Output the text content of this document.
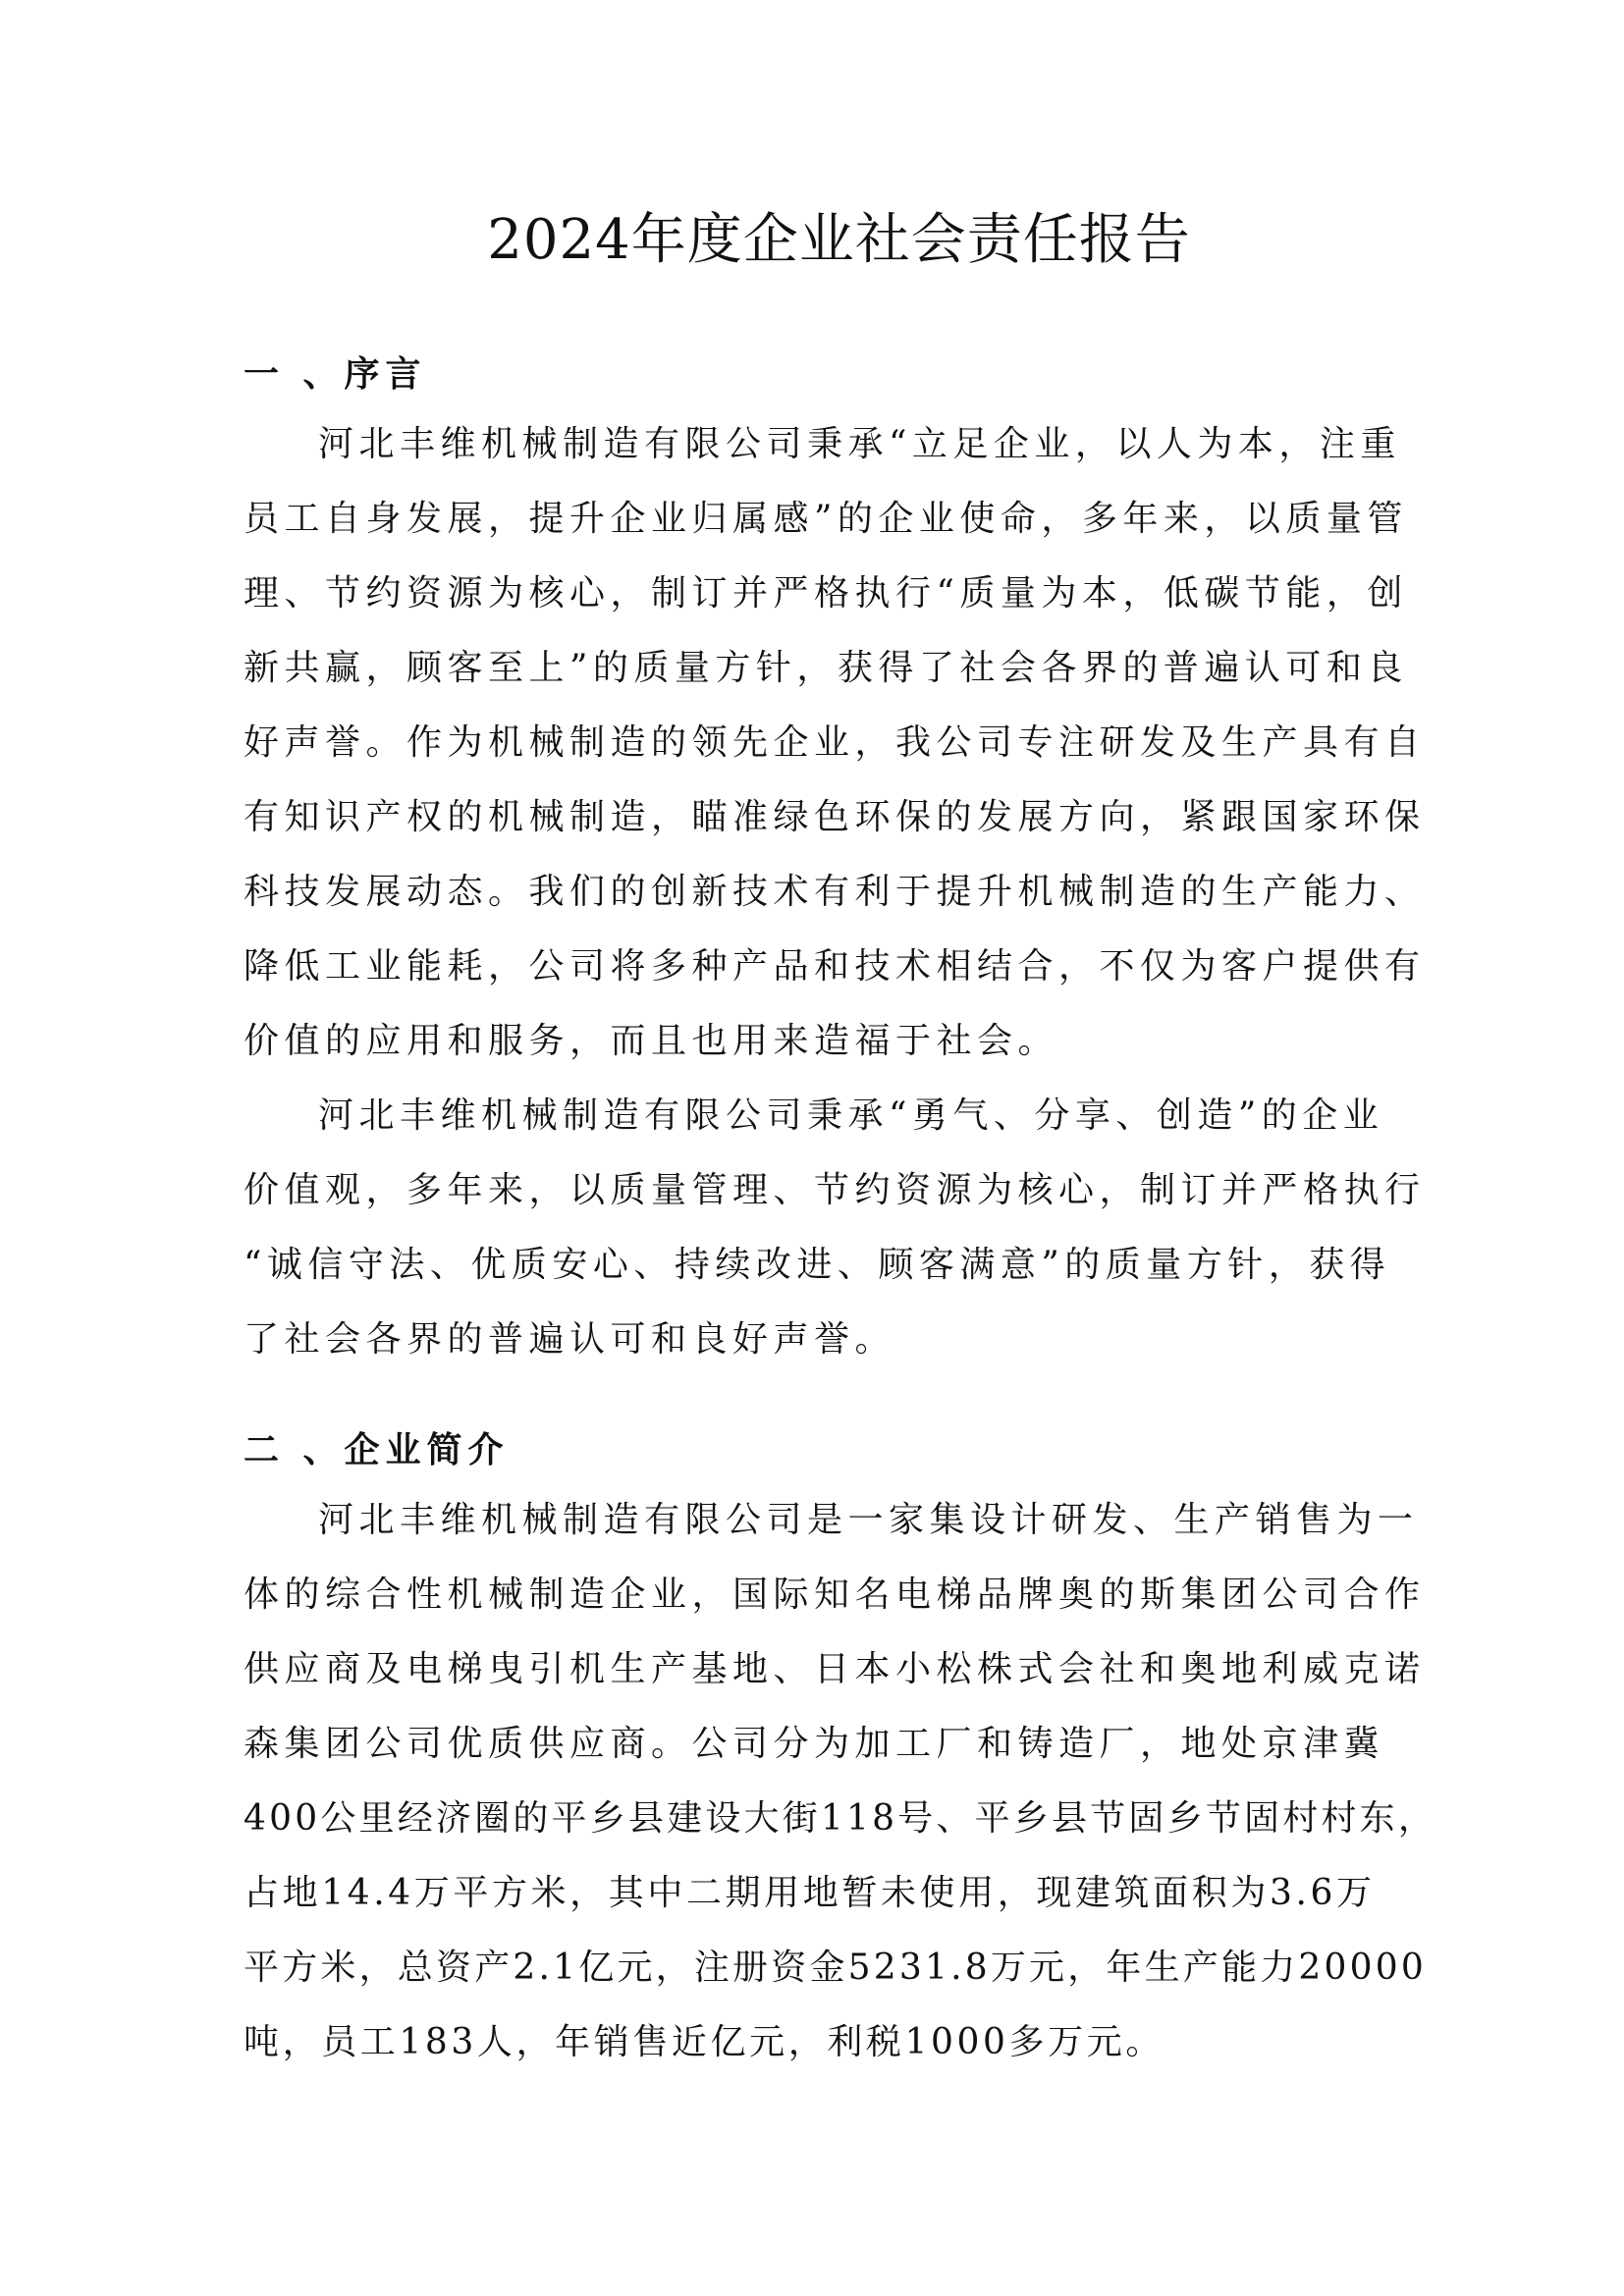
2024年度企业社会责任报告
一 、序言
河北丰维机械制造有限公司秉承“立足企业，以人为本，注重
员工自身发展，提升企业归属感”的企业使命，多年来，以质量管
理、节约资源为核心，制订并严格执行“质量为本，低碳节能，创
新共赢，顾客至上”的质量方针，获得了社会各界的普遍认可和良
好声誉。作为机械制造的领先企业，我公司专注研发及生产具有自
有知识产权的机械制造，瞄准绿色环保的发展方向，紧跟国家环保
科技发展动态。我们的创新技术有利于提升机械制造的生产能力、
降低工业能耗，公司将多种产品和技术相结合，不仅为客户提供有
价值的应用和服务，而且也用来造福于社会。
河北丰维机械制造有限公司秉承“勇气、分享、创造”的企业
价值观，多年来，以质量管理、节约资源为核心，制订并严格执行
“诚信守法、优质安心、持续改进、顾客满意”的质量方针，获得
了社会各界的普遍认可和良好声誉。
二 、企业简介
河北丰维机械制造有限公司是一家集设计研发、生产销售为一
体的综合性机械制造企业，国际知名电梯品牌奥的斯集团公司合作
供应商及电梯曳引机生产基地、日本小松株式会社和奥地利威克诺
森集团公司优质供应商。公司分为加工厂和铸造厂，地处京津冀
400公里经济圈的平乡县建设大街118号、平乡县节固乡节固村村东，
占地14.4万平方米，其中二期用地暂未使用，现建筑面积为3.6万
平方米，总资产2.1亿元，注册资金5231.8万元，年生产能力20000
吨，员工183人，年销售近亿元，利税1000多万元。
